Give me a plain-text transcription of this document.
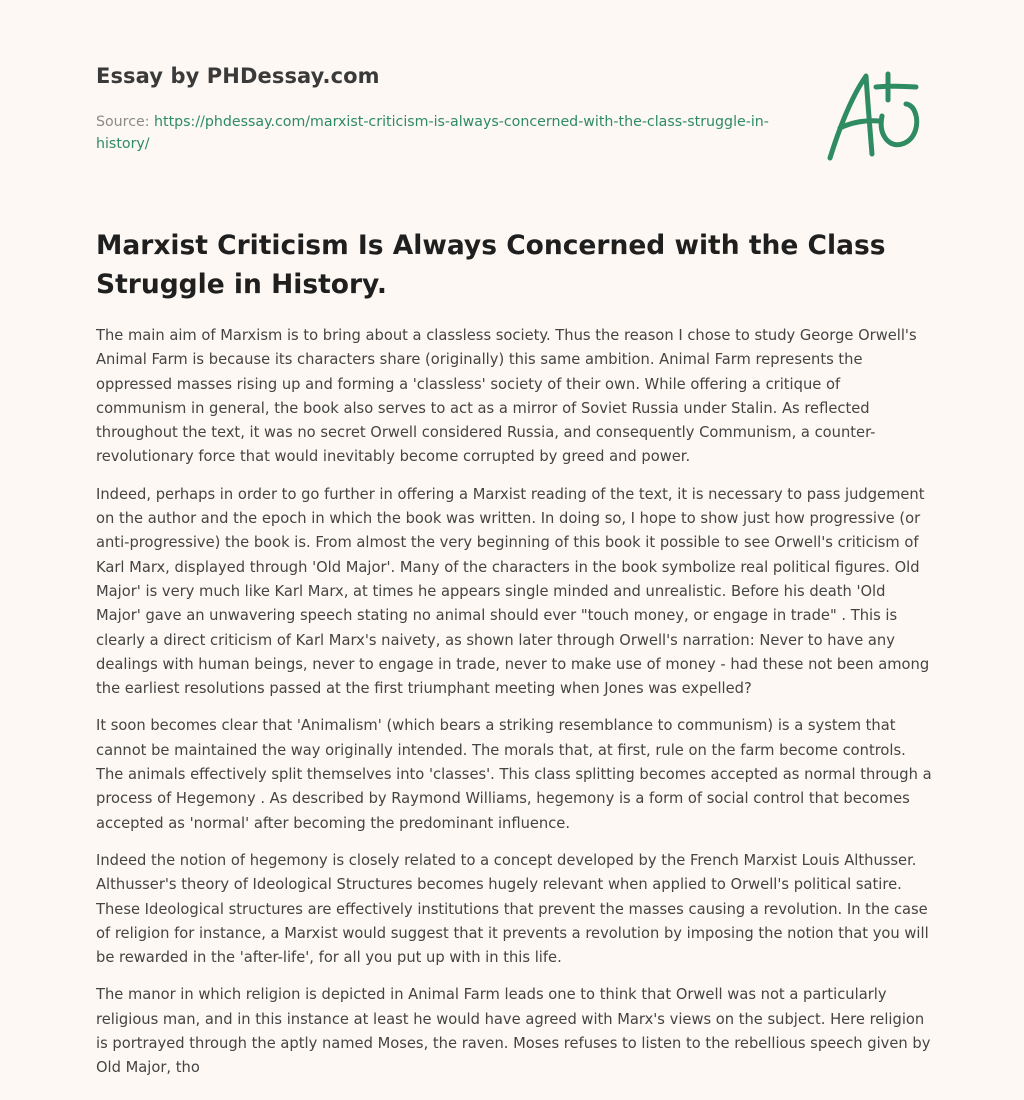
Essay by PHDessay.com
Source: https://phdessay.com/marxist-criticism-is-always-concerned-with-the-class-struggle-in-history/
Marxist Criticism Is Always Concerned with the Class Struggle in History.

The main aim of Marxism is to bring about a classless society. Thus the reason I chose to study George Orwell's Animal Farm is because its characters share (originally) this same ambition. Animal Farm represents the oppressed masses rising up and forming a 'classless' society of their own. While offering a critique of communism in general, the book also serves to act as a mirror of Soviet Russia under Stalin. As reflected throughout the text, it was no secret Orwell considered Russia, and consequently Communism, a counter-revolutionary force that would inevitably become corrupted by greed and power.

Indeed, perhaps in order to go further in offering a Marxist reading of the text, it is necessary to pass judgement on the author and the epoch in which the book was written. In doing so, I hope to show just how progressive (or anti-progressive) the book is. From almost the very beginning of this book it possible to see Orwell's criticism of Karl Marx, displayed through 'Old Major'. Many of the characters in the book symbolize real political figures. Old Major' is very much like Karl Marx, at times he appears single minded and unrealistic. Before his death 'Old Major' gave an unwavering speech stating no animal should ever "touch money, or engage in trade" . This is clearly a direct criticism of Karl Marx's naivety, as shown later through Orwell's narration: Never to have any dealings with human beings, never to engage in trade, never to make use of money - had these not been among the earliest resolutions passed at the first triumphant meeting when Jones was expelled?

It soon becomes clear that 'Animalism' (which bears a striking resemblance to communism) is a system that cannot be maintained the way originally intended. The morals that, at first, rule on the farm become controls. The animals effectively split themselves into 'classes'. This class splitting becomes accepted as normal through a process of Hegemony . As described by Raymond Williams, hegemony is a form of social control that becomes accepted as 'normal' after becoming the predominant influence.

Indeed the notion of hegemony is closely related to a concept developed by the French Marxist Louis Althusser. Althusser's theory of Ideological Structures becomes hugely relevant when applied to Orwell's political satire. These Ideological structures are effectively institutions that prevent the masses causing a revolution. In the case of religion for instance, a Marxist would suggest that it prevents a revolution by imposing the notion that you will be rewarded in the 'after-life', for all you put up with in this life.

The manor in which religion is depicted in Animal Farm leads one to think that Orwell was not a particularly religious man, and in this instance at least he would have agreed with Marx's views on the subject. Here religion is portrayed through the aptly named Moses, the raven. Moses refuses to listen to the rebellious speech given by Old Major, tho
